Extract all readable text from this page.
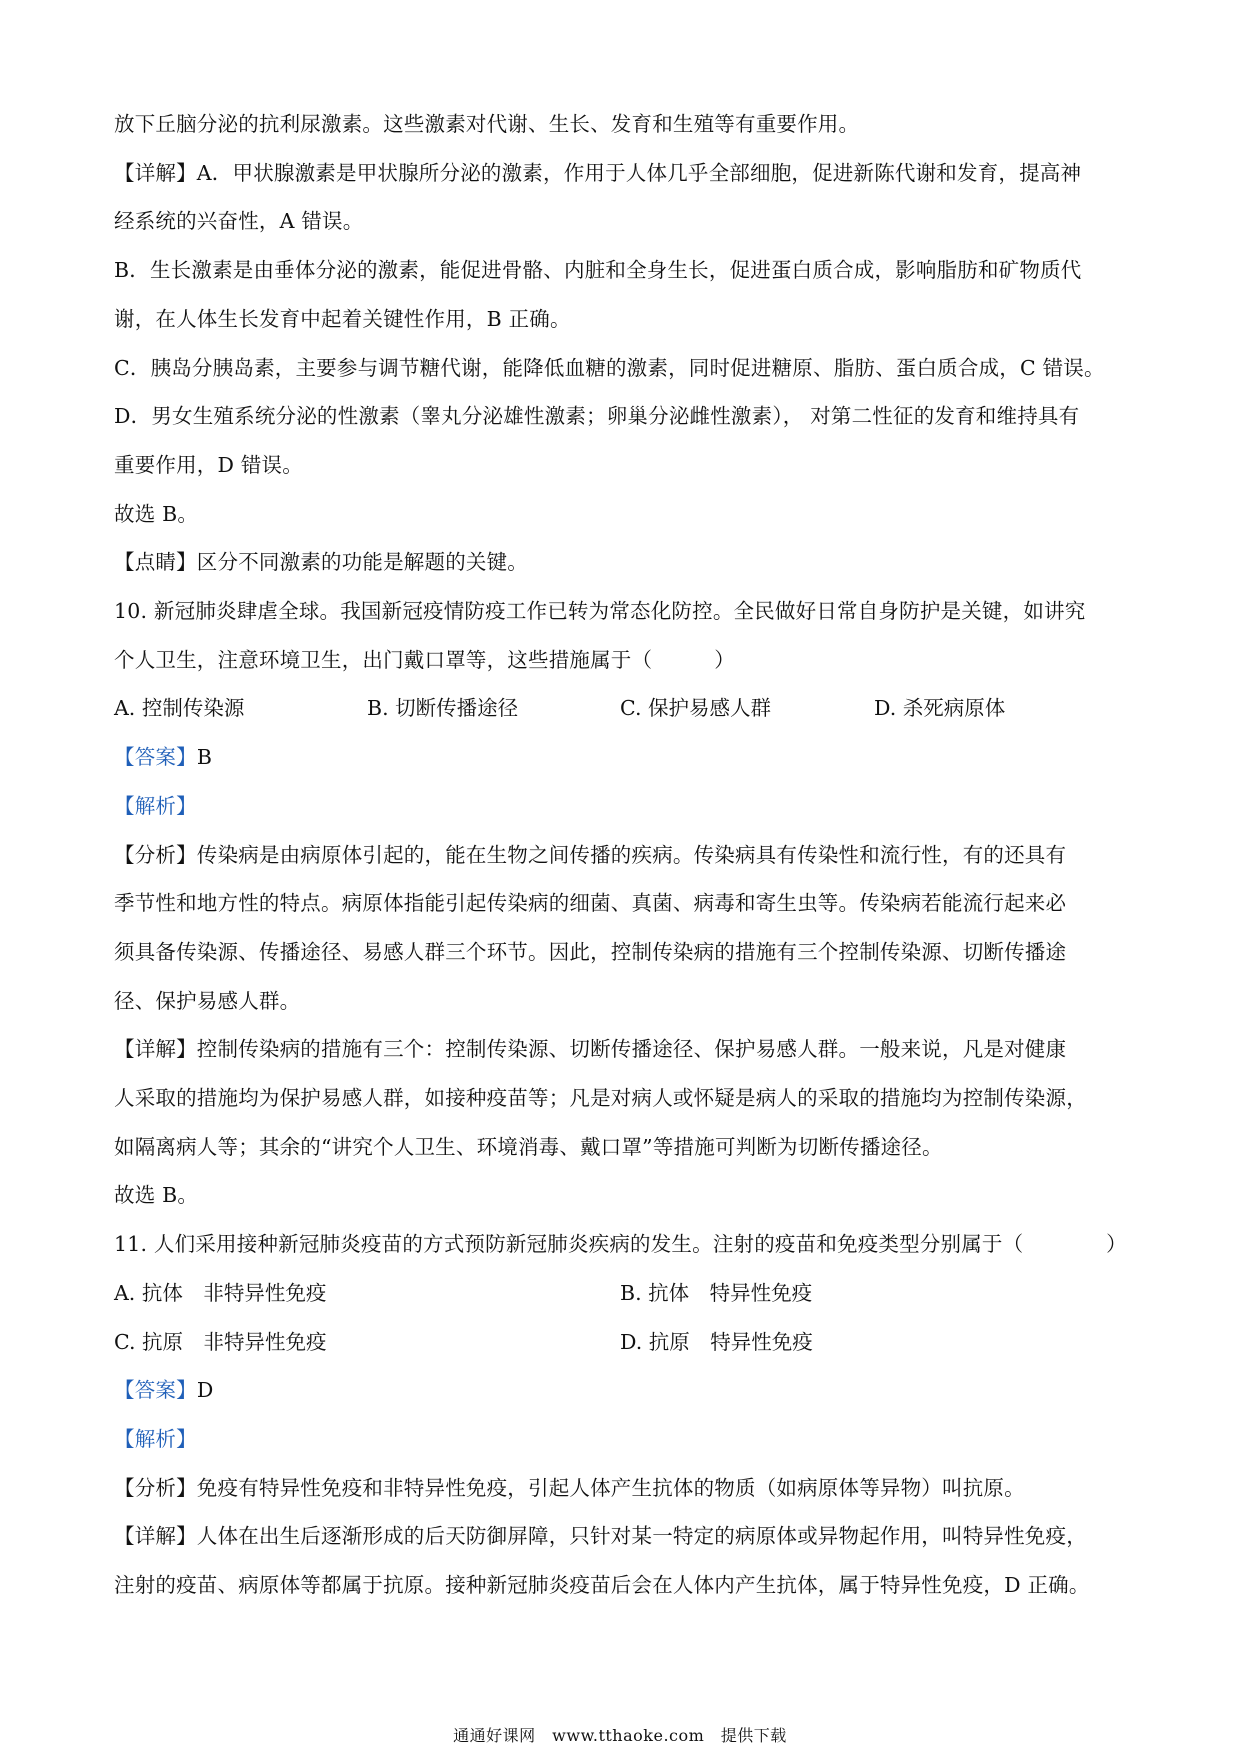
放下丘脑分泌的抗利尿激素。这些激素对代谢、生长、发育和生殖等有重要作用。

【详解】A．甲状腺激素是甲状腺所分泌的激素，作用于人体几乎全部细胞，促进新陈代谢和发育，提高神

经系统的兴奋性，A 错误。

B．生长激素是由垂体分泌的激素，能促进骨骼、内脏和全身生长，促进蛋白质合成，影响脂肪和矿物质代

谢，在人体生长发育中起着关键性作用，B 正确。

C．胰岛分胰岛素，主要参与调节糖代谢，能降低血糖的激素，同时促进糖原、脂肪、蛋白质合成，C 错误。

D．男女生殖系统分泌的性激素（睾丸分泌雄性激素；卵巢分泌雌性激素）， 对第二性征的发育和维持具有

重要作用，D 错误。

故选 B。

【点睛】区分不同激素的功能是解题的关键。

10. 新冠肺炎肆虐全球。我国新冠疫情防疫工作已转为常态化防控。全民做好日常自身防护是关键，如讲究

个人卫生，注意环境卫生，出门戴口罩等，这些措施属于（　　　）

A. 控制传染源	B. 切断传播途径	C. 保护易感人群	D. 杀死病原体

【答案】B

【解析】

【分析】传染病是由病原体引起的，能在生物之间传播的疾病。传染病具有传染性和流行性，有的还具有

季节性和地方性的特点。病原体指能引起传染病的细菌、真菌、病毒和寄生虫等。传染病若能流行起来必

须具备传染源、传播途径、易感人群三个环节。因此，控制传染病的措施有三个控制传染源、切断传播途

径、保护易感人群。

【详解】控制传染病的措施有三个：控制传染源、切断传播途径、保护易感人群。一般来说，凡是对健康

人采取的措施均为保护易感人群，如接种疫苗等；凡是对病人或怀疑是病人的采取的措施均为控制传染源，

如隔离病人等；其余的“讲究个人卫生、环境消毒、戴口罩”等措施可判断为切断传播途径。

故选 B。

11. 人们采用接种新冠肺炎疫苗的方式预防新冠肺炎疾病的发生。注射的疫苗和免疫类型分别属于（　　　　）

A. 抗体　非特异性免疫	B. 抗体　特异性免疫
C. 抗原　非特异性免疫	D. 抗原　特异性免疫

【答案】D

【解析】

【分析】免疫有特异性免疫和非特异性免疫，引起人体产生抗体的物质（如病原体等异物）叫抗原。

【详解】人体在出生后逐渐形成的后天防御屏障，只针对某一特定的病原体或异物起作用，叫特异性免疫，

注射的疫苗、病原体等都属于抗原。接种新冠肺炎疫苗后会在人体内产生抗体，属于特异性免疫，D 正确。

通通好课网　www.tthaoke.com　提供下载
